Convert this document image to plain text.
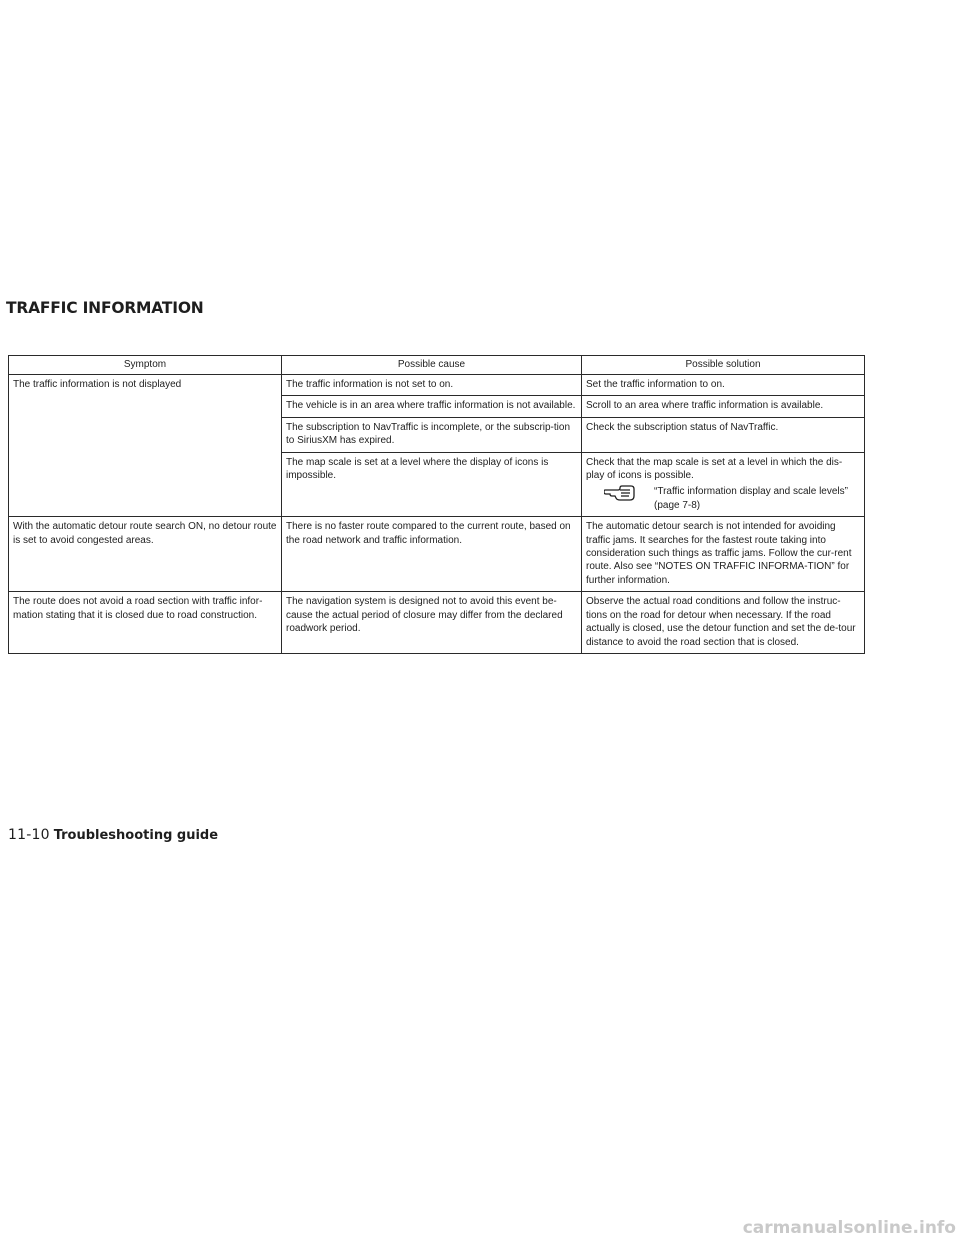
TRAFFIC INFORMATION
Symptom	Possible cause	Possible solution
The traffic information is not displayed	The traffic information is not set to on.	Set the traffic information to on.
	The vehicle is in an area where traffic information is not available.	Scroll to an area where traffic information is available.
	The subscription to NavTraffic is incomplete, or the subscrip-tion to SiriusXM has expired.	Check the subscription status of NavTraffic.
	The map scale is set at a level where the display of icons is impossible.	Check that the map scale is set at a level in which the dis-play of icons is possible.
“Traffic information display and scale levels” (page 7-8)

With the automatic detour route search ON, no detour route is set to avoid congested areas.	There is no faster route compared to the current route, based on the road network and traffic information.	The automatic detour search is not intended for avoiding traffic jams. It searches for the fastest route taking into consideration such things as traffic jams. Follow the cur-rent route. Also see “NOTES ON TRAFFIC INFORMA-TION” for further information.
The route does not avoid a road section with traffic infor-mation stating that it is closed due to road construction.	The navigation system is designed not to avoid this event be-cause the actual period of closure may differ from the declared roadwork period.	Observe the actual road conditions and follow the instruc-tions on the road for detour when necessary. If the road actually is closed, use the detour function and set the de-tour distance to avoid the road section that is closed.
11-10 Troubleshooting guide
carmanualsonline.info
